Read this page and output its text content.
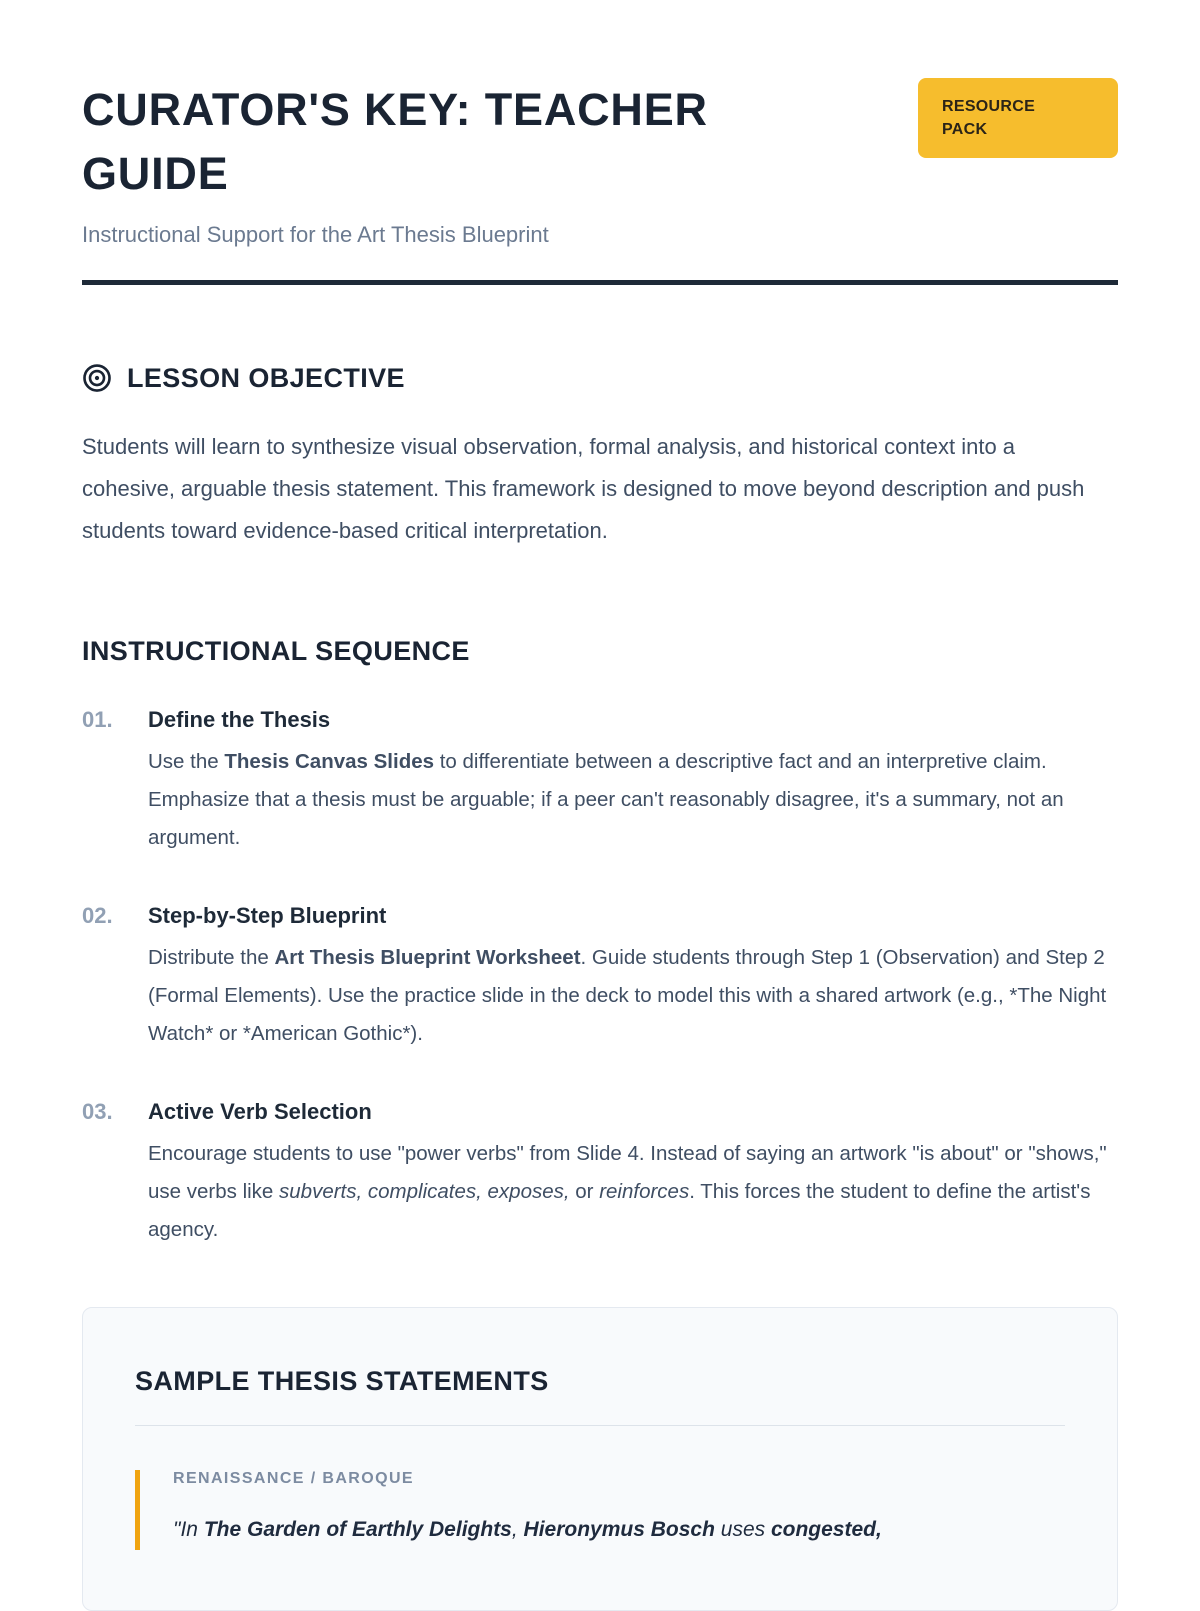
RESOURCE PACK
CURATOR'S KEY: TEACHER GUIDE

Instructional Support for the Art Thesis Blueprint

LESSON OBJECTIVE

Students will learn to synthesize visual observation, formal analysis, and historical context into a cohesive, arguable thesis statement. This framework is designed to move beyond description and push students toward evidence-based critical interpretation.

INSTRUCTIONAL SEQUENCE
01.	Define the Thesis
Use the Thesis Canvas Slides to differentiate between a descriptive fact and an interpretive claim. Emphasize that a thesis must be arguable; if a peer can't reasonably disagree, it's a summary, not an argument.
02.	Step-by-Step Blueprint
Distribute the Art Thesis Blueprint Worksheet. Guide students through Step 1 (Observation) and Step 2 (Formal Elements). Use the practice slide in the deck to model this with a shared artwork (e.g., *The Night Watch* or *American Gothic*).
03.	Active Verb Selection
Encourage students to use "power verbs" from Slide 4. Instead of saying an artwork "is about" or "shows," use verbs like subverts, complicates, exposes, or reinforces. This forces the student to define the artist's agency.
SAMPLE THESIS STATEMENTS
RENAISSANCE / BAROQUE

"In The Garden of Earthly Delights, Hieronymus Bosch uses congested,
